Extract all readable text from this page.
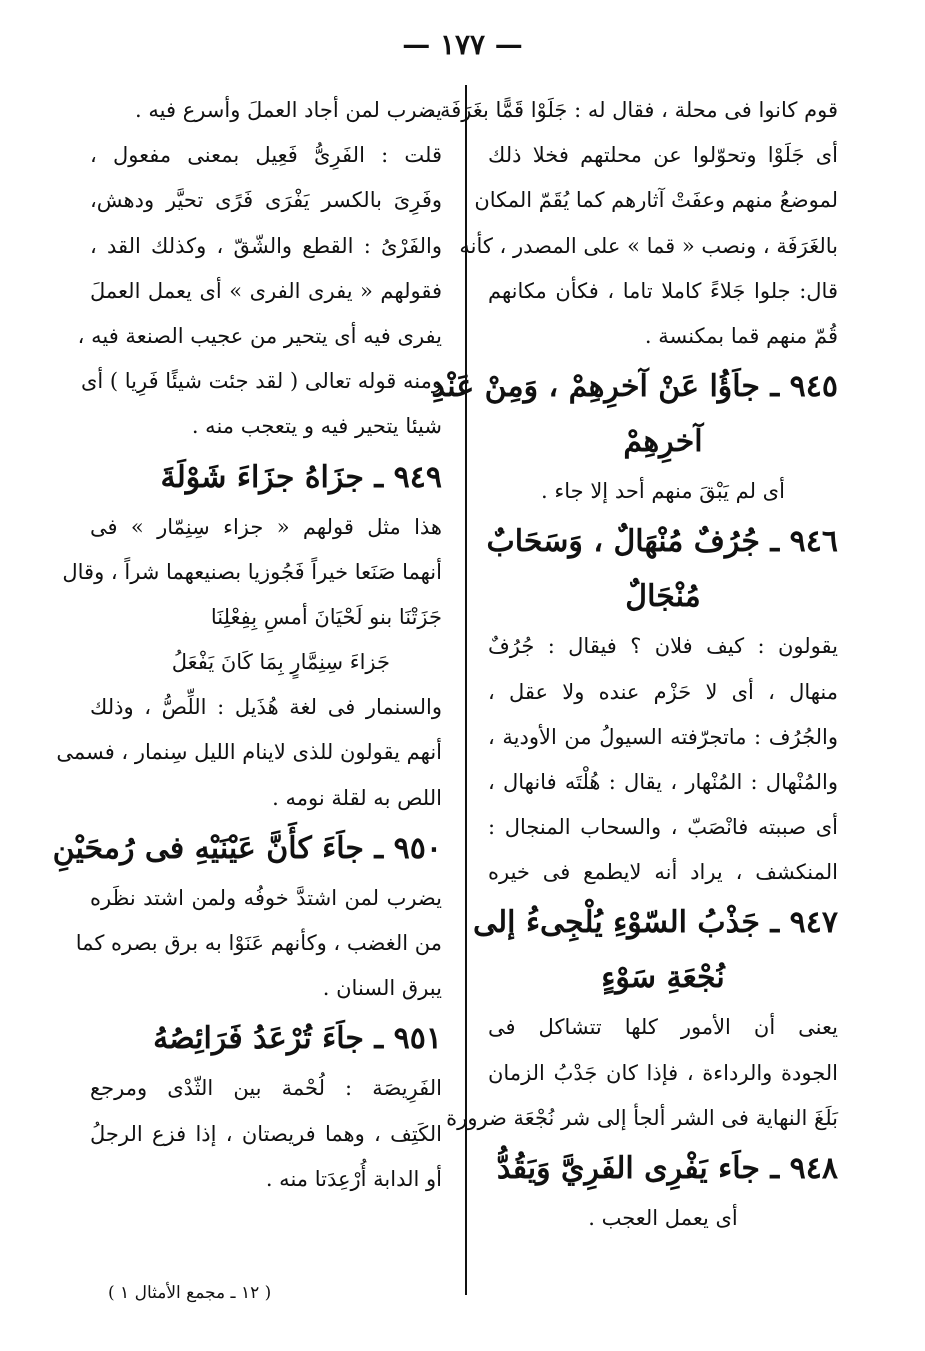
— ١٧٧ —
قوم كانوا فى محلة ، فقال له : جَلَوْا قَمًّا بغَرَفَة ،
أى جَلَوْا وتحوّلوا عن محلتهم فخلا ذلك
لموضعُ منهم وعفَتْ آثارهم كما يُقَمّ المكان
بالغَرَفَة ، ونصب « قما » على المصدر ، كأنه
قال: جلوا جَلاءً كاملا تاما ، فكأن مكانهم
قُمّ منهم قما بمكنسة .
٩٤٥ ـ جاَؤُا عَنْ آخرِهِمْ ، وَمِنْ عَنْدِ
آخرِهِمْ
أى لم يَبْقَ منهم أحد إلا جاء .
٩٤٦ ـ جُرُفٌ مُنْهَالٌ ، وَسَحَابٌ
مُنْجَالٌ
يقولون : كيف فلان ؟ فيقال : جُرُفٌ
منهال ، أى لا حَزْم عنده ولا عقل ،
والجُرُف : ماتجرّفته السيولُ من الأودية ،
والمُنْهال : المُنْهار ، يقال : هُلْتَه فانهال ،
أى صببته فانْصَبّ ، والسحاب المنجال :
المنكشف ، يراد أنه لايطمع فى خيره
٩٤٧ ـ جَذْبُ السّوْءِ يُلْجِىءُ إلى
نُجْعَةِ سَوْءٍ
يعنى أن الأمور كلها تتشاكل فى
الجودة والرداءة ، فإذا كان جَدْبُ الزمان
بَلَغَ النهاية فى الشر ألجأ إلى شر نُجْعَة ضرورة
٩٤٨ ـ جاَء يَفْرِى الفَرِيَّ وَيَقُدُّ
أى يعمل العجب .
يضرب لمن أجاد العملَ وأسرع فيه .
قلت : الفَرِىُّ فَعِيل بمعنى مفعول ،
وفَرِىَ بالكسر يَفْرَى فَرًى تحيَّر ودهش،
والفَرْىُ : القطع والشّقّ ، وكذلك القد ،
فقولهم « يفرى الفرى » أى يعمل العملَ
يفرى فيه أى يتحير من عجيب الصنعة فيه ،
ومنه قوله تعالى ( لقد جئت شيئًا فَرِيا ) أى
شيئا يتحير فيه و يتعجب منه .
٩٤٩ ـ جزَاهُ جزَاءَ شَوْلَةَ
هذا مثل قولهم « جزاء سِنِمّار » فى
أنهما صَنَعا خيراً فَجُوزيا بصنيعهما شراً ، وقال
جَزَتْنَا بنو لَحْيَانَ أمسِ بِفِعْلِنَا
جَزاءَ سِنِمَّارٍ بِمَا كَانَ يَفْعَلُ
والسنمار فى لغة هُذَيل : اللِّصُّ ، وذلك
أنهم يقولون للذى لاينام الليل سِنمار ، فسمى
اللص به لقلة نومه .
٩٥٠ ـ جاَءَ كأَنَّ عَيْنَيْهِ فى رُمحَيْنِ
يضرب لمن اشتدَّ خوفُه ولمن اشتد نظَره
من الغضب ، وكأنهم عَنَوْا به برق بصره كما
يبرق السنان .
٩٥١ ـ جاَءَ تُرْعَدُ فَرَائِصُهُ
الفَرِيصَة : لُحْمة بين الثّدْى ومرجع
الكَتِف ، وهما فريصتان ، إذا فزع الرجلُ
أو الدابة أُرْعِدَتا منه .
( ١٢ ـ مجمع الأمثال ١ )
